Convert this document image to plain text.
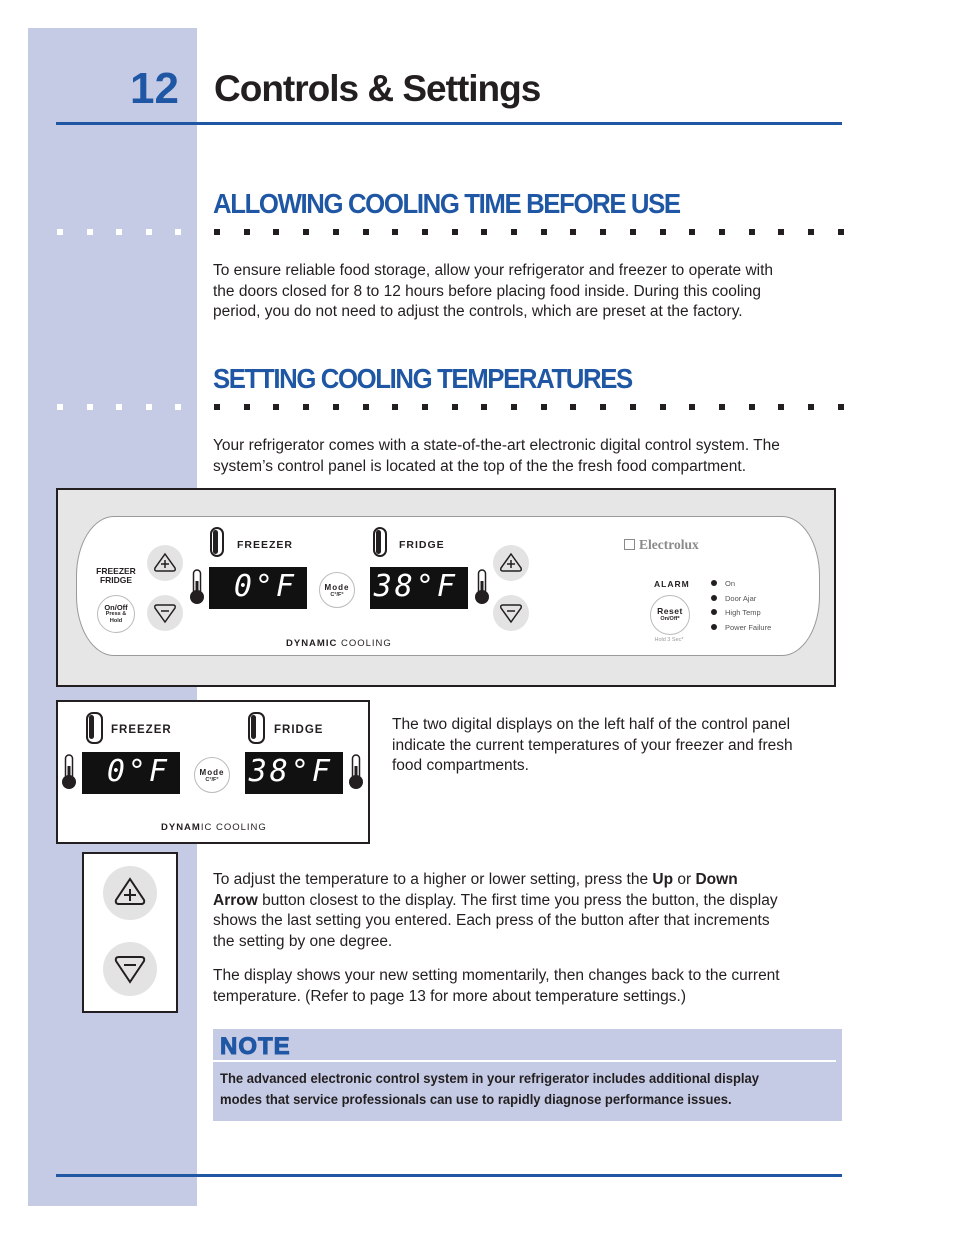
12 Controls & Settings
ALLOWING COOLING TIME BEFORE USE
To ensure reliable food storage, allow your refrigerator and freezer to operate with
the doors closed for 8 to 12 hours before placing food inside. During this cooling
period, you do not need to adjust the controls, which are preset at the factory.
SETTING COOLING TEMPERATURES
Your refrigerator comes with a state-of-the-art electronic digital control system. The
system’s control panel is located at the top of the the fresh food compartment.
FREEZER
FRIDGE
On/Off
Press &
Hold
FREEZER
0°F	Mode
C°/F°
FRIDGE
38°F
DYNAMIC COOLING
Electrolux
ALARM
Reset
On/Off*
Hold 3 Sec*
On
Door Ajar
High Temp
Power Failure
FREEZER
0°F	Mode
C°/F°
FRIDGE
38°F
DYNAMIC COOLING
The two digital displays on the left half of the control panel
indicate the current temperatures of your freezer and fresh
food compartments.
To adjust the temperature to a higher or lower setting, press the Up or Down
Arrow button closest to the display. The first time you press the button, the display
shows the last setting you entered. Each press of the button after that increments
the setting by one degree.
The display shows your new setting momentarily, then changes back to the current
temperature. (Refer to page 13 for more about temperature settings.)
NOTE
The advanced electronic control system in your refrigerator includes additional display
modes that service professionals can use to rapidly diagnose performance issues.
